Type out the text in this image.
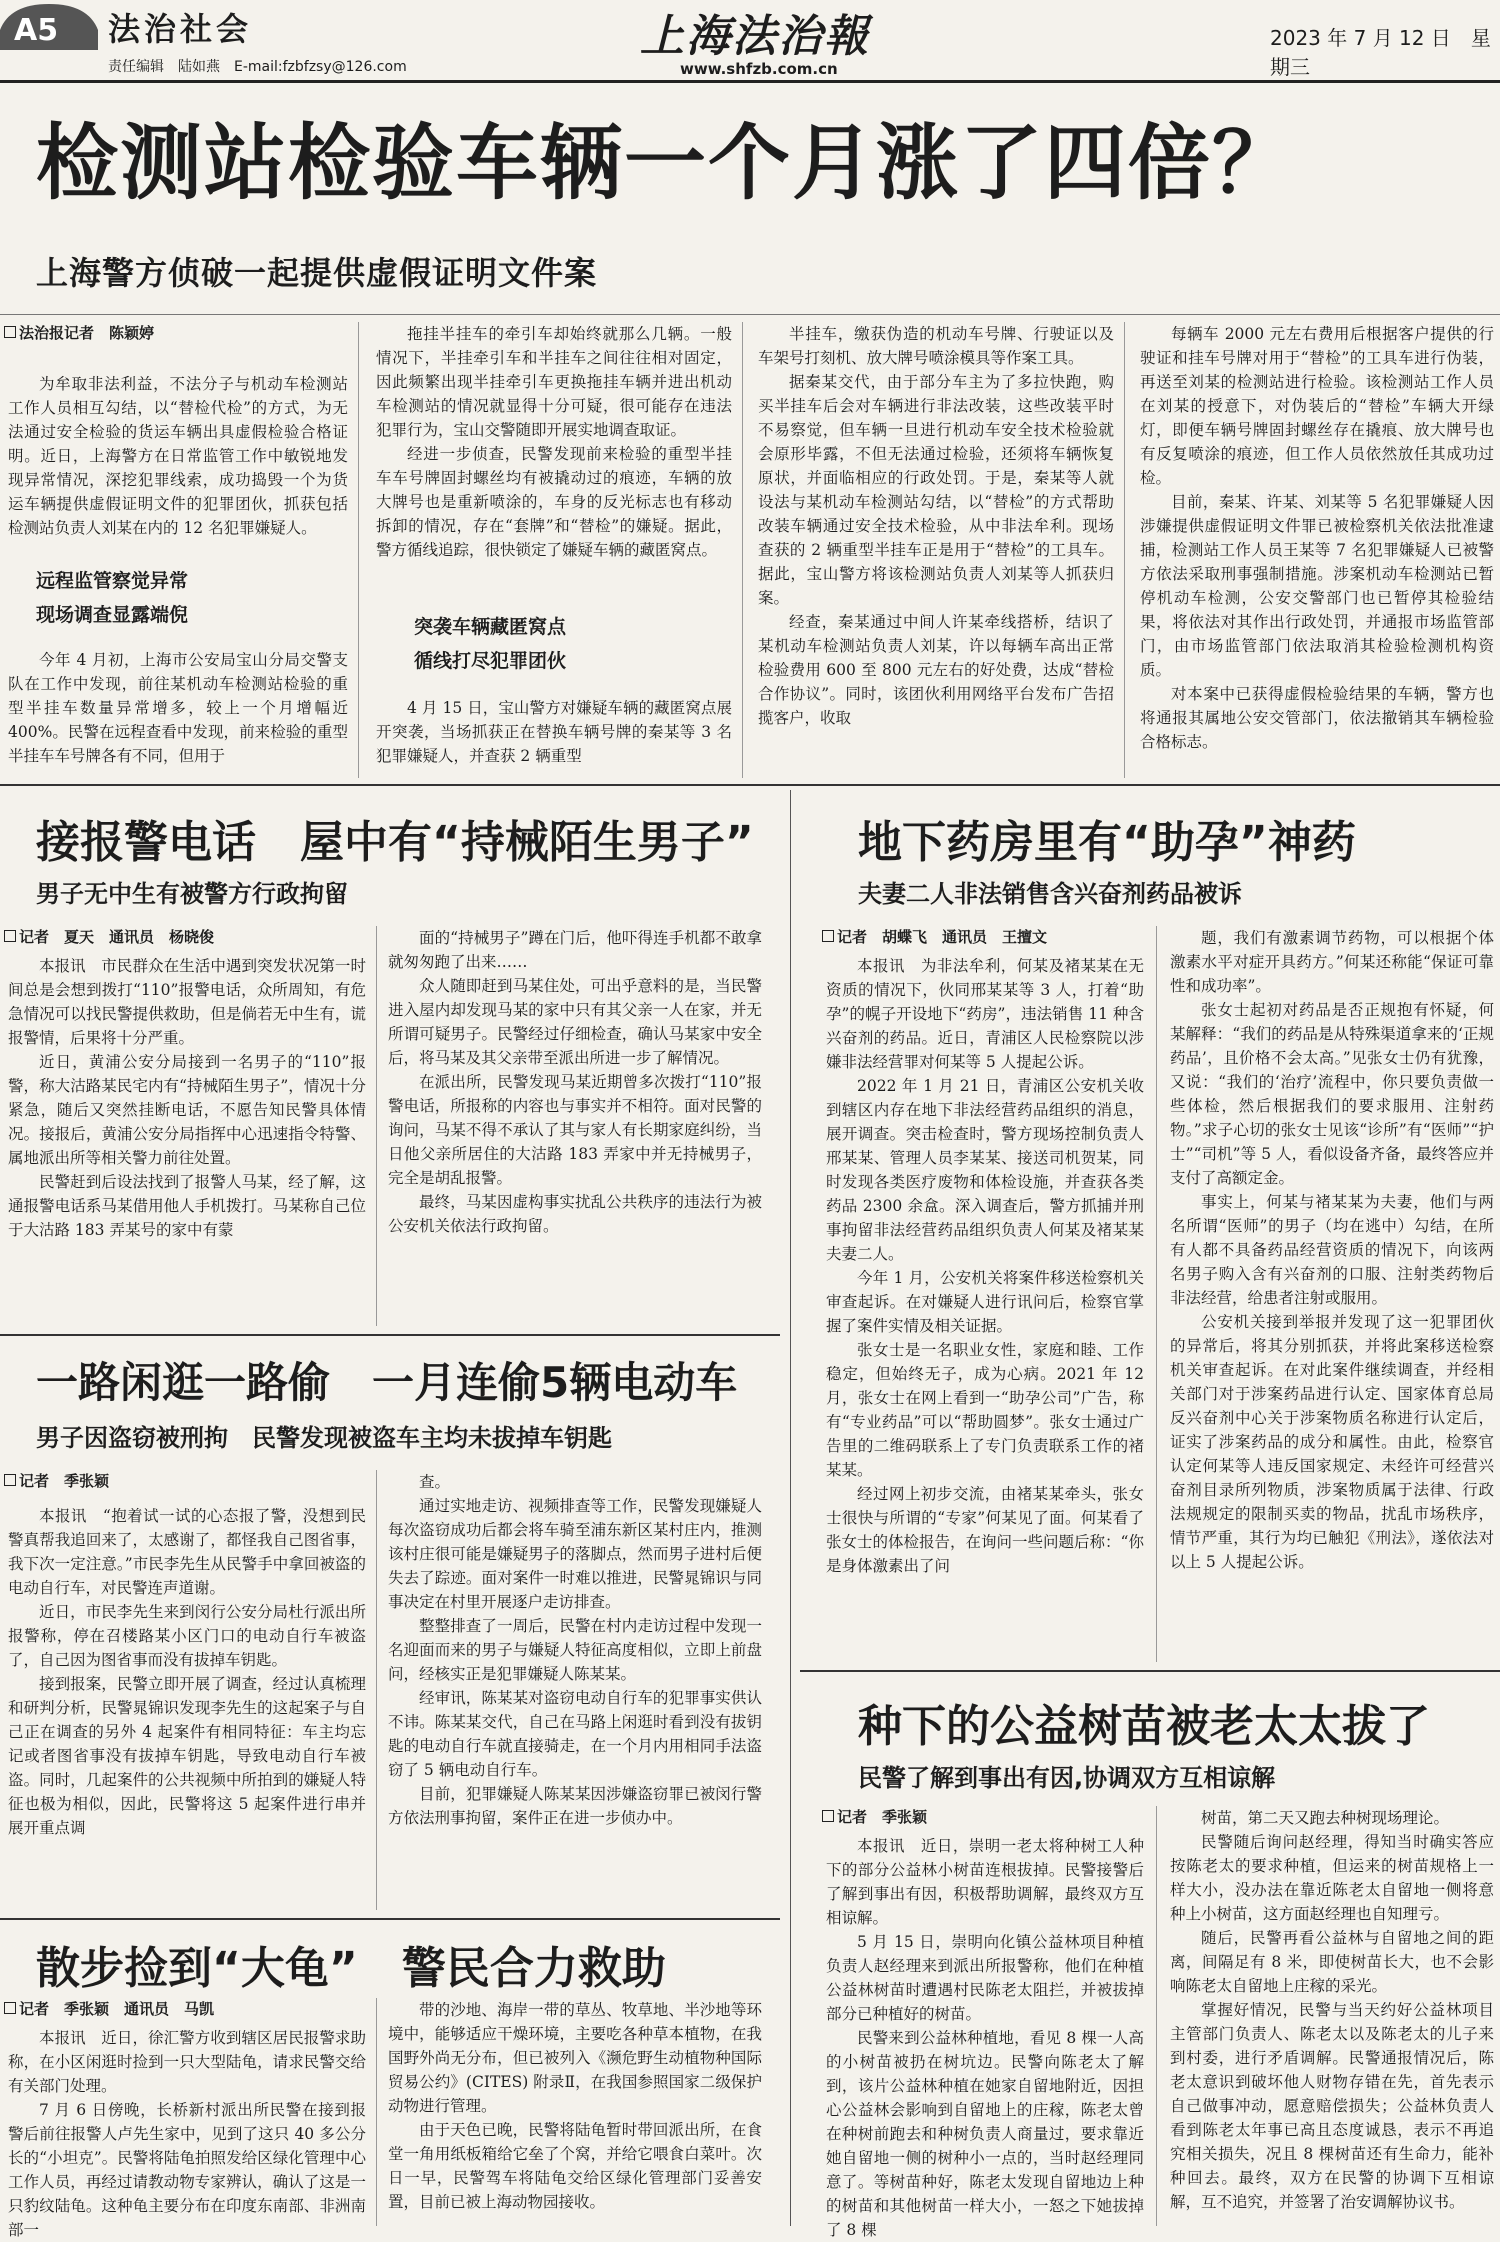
A5 法治社会
责任编辑　陆如燕　E-mail:fzbfzsy@126.com
上海法治報
www.shfzb.com.cn
2023 年 7 月 12 日　星期三
检测站检验车辆一个月涨了四倍？
上海警方侦破一起提供虚假证明文件案
法治报记者　陈颖婷

为牟取非法利益，不法分子与机动车检测站工作人员相互勾结，以“替检代检”的方式，为无法通过安全检验的货运车辆出具虚假检验合格证明。近日，上海警方在日常监管工作中敏锐地发现异常情况，深挖犯罪线索，成功捣毁一个为货运车辆提供虚假证明文件的犯罪团伙，抓获包括检测站负责人刘某在内的 12 名犯罪嫌疑人。

远程监管察觉异常
现场调查显露端倪

今年 4 月初，上海市公安局宝山分局交警支队在工作中发现，前往某机动车检测站检验的重型半挂车数量异常增多，较上一个月增幅近 400%。民警在远程查看中发现，前来检验的重型半挂车车号牌各有不同，但用于

拖挂半挂车的牵引车却始终就那么几辆。一般情况下，半挂牵引车和半挂车之间往往相对固定，因此频繁出现半挂牵引车更换拖挂车辆并进出机动车检测站的情况就显得十分可疑，很可能存在违法犯罪行为，宝山交警随即开展实地调查取证。

经进一步侦查，民警发现前来检验的重型半挂车车号牌固封螺丝均有被撬动过的痕迹，车辆的放大牌号也是重新喷涂的，车身的反光标志也有移动拆卸的情况，存在“套牌”和“替检”的嫌疑。据此，警方循线追踪，很快锁定了嫌疑车辆的藏匿窝点。

突袭车辆藏匿窝点
循线打尽犯罪团伙

4 月 15 日，宝山警方对嫌疑车辆的藏匿窝点展开突袭，当场抓获正在替换车辆号牌的秦某等 3 名犯罪嫌疑人，并查获 2 辆重型

半挂车，缴获伪造的机动车号牌、行驶证以及车架号打刻机、放大牌号喷涂模具等作案工具。

据秦某交代，由于部分车主为了多拉快跑，购买半挂车后会对车辆进行非法改装，这些改装平时不易察觉，但车辆一旦进行机动车安全技术检验就会原形毕露，不但无法通过检验，还须将车辆恢复原状，并面临相应的行政处罚。于是，秦某等人就设法与某机动车检测站勾结，以“替检”的方式帮助改装车辆通过安全技术检验，从中非法牟利。现场查获的 2 辆重型半挂车正是用于“替检”的工具车。据此，宝山警方将该检测站负责人刘某等人抓获归案。

经查，秦某通过中间人许某牵线搭桥，结识了某机动车检测站负责人刘某，许以每辆车高出正常检验费用 600 至 800 元左右的好处费，达成“替检合作协议”。同时，该团伙利用网络平台发布广告招揽客户，收取

每辆车 2000 元左右费用后根据客户提供的行驶证和挂车号牌对用于“替检”的工具车进行伪装，再送至刘某的检测站进行检验。该检测站工作人员在刘某的授意下，对伪装后的“替检”车辆大开绿灯，即便车辆号牌固封螺丝存在撬痕、放大牌号也有反复喷涂的痕迹，但工作人员依然放任其成功过检。

目前，秦某、许某、刘某等 5 名犯罪嫌疑人因涉嫌提供虚假证明文件罪已被检察机关依法批准逮捕，检测站工作人员王某等 7 名犯罪嫌疑人已被警方依法采取刑事强制措施。涉案机动车检测站已暂停机动车检测，公安交警部门也已暂停其检验结果，将依法对其作出行政处罚，并通报市场监管部门，由市场监管部门依法取消其检验检测机构资质。

对本案中已获得虚假检验结果的车辆，警方也将通报其属地公安交管部门，依法撤销其车辆检验合格标志。

接报警电话　屋中有“持械陌生男子”
男子无中生有被警方行政拘留
记者　夏天　通讯员　杨晓俊

本报讯　市民群众在生活中遇到突发状况第一时间总是会想到拨打“110”报警电话，众所周知，有危急情况可以找民警提供救助，但是倘若无中生有，谎报警情，后果将十分严重。

近日，黄浦公安分局接到一名男子的“110”报警，称大沽路某民宅内有“持械陌生男子”，情况十分紧急，随后又突然挂断电话，不愿告知民警具体情况。接报后，黄浦公安分局指挥中心迅速指令特警、属地派出所等相关警力前往处置。

民警赶到后设法找到了报警人马某，经了解，这通报警电话系马某借用他人手机拨打。马某称自己位于大沽路 183 弄某号的家中有蒙

面的“持械男子”蹲在门后，他吓得连手机都不敢拿就匆匆跑了出来……

众人随即赶到马某住处，可出乎意料的是，当民警进入屋内却发现马某的家中只有其父亲一人在家，并无所谓可疑男子。民警经过仔细检查，确认马某家中安全后，将马某及其父亲带至派出所进一步了解情况。

在派出所，民警发现马某近期曾多次拨打“110”报警电话，所报称的内容也与事实并不相符。面对民警的询问，马某不得不承认了其与家人有长期家庭纠纷，当日他父亲所居住的大沽路 183 弄家中并无持械男子，完全是胡乱报警。

最终，马某因虚构事实扰乱公共秩序的违法行为被公安机关依法行政拘留。

一路闲逛一路偷　一月连偷5辆电动车
男子因盗窃被刑拘　民警发现被盗车主均未拔掉车钥匙
记者　季张颖

本报讯　“抱着试一试的心态报了警，没想到民警真帮我追回来了，太感谢了，都怪我自己图省事，我下次一定注意。”市民李先生从民警手中拿回被盗的电动自行车，对民警连声道谢。

近日，市民李先生来到闵行公安分局杜行派出所报警称，停在召楼路某小区门口的电动自行车被盗了，自己因为图省事而没有拔掉车钥匙。

接到报案，民警立即开展了调查，经过认真梳理和研判分析，民警晁锦识发现李先生的这起案子与自己正在调查的另外 4 起案件有相同特征：车主均忘记或者图省事没有拔掉车钥匙，导致电动自行车被盗。同时，几起案件的公共视频中所拍到的嫌疑人特征也极为相似，因此，民警将这 5 起案件进行串并展开重点调

查。

通过实地走访、视频排查等工作，民警发现嫌疑人每次盗窃成功后都会将车骑至浦东新区某村庄内，推测该村庄很可能是嫌疑男子的落脚点，然而男子进村后便失去了踪迹。面对案件一时难以推进，民警晁锦识与同事决定在村里开展逐户走访排查。

整整排查了一周后，民警在村内走访过程中发现一名迎面而来的男子与嫌疑人特征高度相似，立即上前盘问，经核实正是犯罪嫌疑人陈某某。

经审讯，陈某某对盗窃电动自行车的犯罪事实供认不讳。陈某某交代，自己在马路上闲逛时看到没有拔钥匙的电动自行车就直接骑走，在一个月内用相同手法盗窃了 5 辆电动自行车。

目前，犯罪嫌疑人陈某某因涉嫌盗窃罪已被闵行警方依法刑事拘留，案件正在进一步侦办中。

散步捡到“大龟”　警民合力救助
记者　季张颖　通讯员　马凯

本报讯　近日，徐汇警方收到辖区居民报警求助称，在小区闲逛时捡到一只大型陆龟，请求民警交给有关部门处理。

7 月 6 日傍晚，长桥新村派出所民警在接到报警后前往报警人卢先生家中，见到了这只 40 多公分长的“小坦克”。民警将陆龟拍照发给区绿化管理中心工作人员，再经过请教动物专家辨认，确认了这是一只豹纹陆龟。这种龟主要分布在印度东南部、非洲南部一

带的沙地、海岸一带的草丛、牧草地、半沙地等环境中，能够适应干燥环境，主要吃各种草本植物，在我国野外尚无分布，但已被列入《濒危野生动植物种国际贸易公约》(CITES) 附录Ⅱ，在我国参照国家二级保护动物进行管理。

由于天色已晚，民警将陆龟暂时带回派出所，在食堂一角用纸板箱给它垒了个窝，并给它喂食白菜叶。次日一早，民警驾车将陆龟交给区绿化管理部门妥善安置，目前已被上海动物园接收。

地下药房里有“助孕”神药
夫妻二人非法销售含兴奋剂药品被诉
记者　胡蝶飞　通讯员　王擅文

本报讯　为非法牟利，何某及褚某某在无资质的情况下，伙同邢某某等 3 人，打着“助孕”的幌子开设地下“药房”，违法销售 11 种含兴奋剂的药品。近日，青浦区人民检察院以涉嫌非法经营罪对何某等 5 人提起公诉。

2022 年 1 月 21 日，青浦区公安机关收到辖区内存在地下非法经营药品组织的消息，展开调查。突击检查时，警方现场控制负责人邢某某、管理人员李某某、接送司机贺某，同时发现各类医疗废物和体检设施，并查获各类药品 2300 余盒。深入调查后，警方抓捕并刑事拘留非法经营药品组织负责人何某及褚某某夫妻二人。

今年 1 月，公安机关将案件移送检察机关审查起诉。在对嫌疑人进行讯问后，检察官掌握了案件实情及相关证据。

张女士是一名职业女性，家庭和睦、工作稳定，但始终无子，成为心病。2021 年 12 月，张女士在网上看到一“助孕公司”广告，称有“专业药品”可以“帮助圆梦”。张女士通过广告里的二维码联系上了专门负责联系工作的褚某某。

经过网上初步交流，由褚某某牵头，张女士很快与所谓的“专家”何某见了面。何某看了张女士的体检报告，在询问一些问题后称：“你是身体激素出了问

题，我们有激素调节药物，可以根据个体激素水平对症开具药方。”何某还称能“保证可靠性和成功率”。

张女士起初对药品是否正规抱有怀疑，何某解释：“我们的药品是从特殊渠道拿来的‘正规药品’，且价格不会太高。”见张女士仍有犹豫，又说：“我们的‘治疗’流程中，你只要负责做一些体检，然后根据我们的要求服用、注射药物。”求子心切的张女士见该“诊所”有“医师”“护士”“司机”等 5 人，看似设备齐备，最终答应并支付了高额定金。

事实上，何某与褚某某为夫妻，他们与两名所谓“医师”的男子（均在逃中）勾结，在所有人都不具备药品经营资质的情况下，向该两名男子购入含有兴奋剂的口服、注射类药物后非法经营，给患者注射或服用。

公安机关接到举报并发现了这一犯罪团伙的异常后，将其分别抓获，并将此案移送检察机关审查起诉。在对此案件继续调查，并经相关部门对于涉案药品进行认定、国家体育总局反兴奋剂中心关于涉案物质名称进行认定后，证实了涉案药品的成分和属性。由此，检察官认定何某等人违反国家规定、未经许可经营兴奋剂目录所列物质，涉案物质属于法律、行政法规规定的限制买卖的物品，扰乱市场秩序，情节严重，其行为均已触犯《刑法》，遂依法对以上 5 人提起公诉。

种下的公益树苗被老太太拔了
民警了解到事出有因,协调双方互相谅解
记者　季张颖

本报讯　近日，崇明一老太将种树工人种下的部分公益林小树苗连根拔掉。民警接警后了解到事出有因，积极帮助调解，最终双方互相谅解。

5 月 15 日，崇明向化镇公益林项目种植负责人赵经理来到派出所报警称，他们在种植公益林树苗时遭遇村民陈老太阻拦，并被拔掉部分已种植好的树苗。

民警来到公益林种植地，看见 8 棵一人高的小树苗被扔在树坑边。民警向陈老太了解到，该片公益林种植在她家自留地附近，因担心公益林会影响到自留地上的庄稼，陈老太曾在种树前跑去和种树负责人商量过，要求靠近她自留地一侧的树种小一点的，当时赵经理同意了。等树苗种好，陈老太发现自留地边上种的树苗和其他树苗一样大小，一怒之下她拔掉了 8 棵

树苗，第二天又跑去种树现场理论。

民警随后询问赵经理，得知当时确实答应按陈老太的要求种植，但运来的树苗规格上一样大小，没办法在靠近陈老太自留地一侧将意种上小树苗，这方面赵经理也自知理亏。

随后，民警再看公益林与自留地之间的距离，间隔足有 8 米，即使树苗长大，也不会影响陈老太自留地上庄稼的采光。

掌握好情况，民警与当天约好公益林项目主管部门负责人、陈老太以及陈老太的儿子来到村委，进行矛盾调解。民警通报情况后，陈老太意识到破坏他人财物存错在先，首先表示自己做事冲动，愿意赔偿损失；公益林负责人看到陈老太年事已高且态度诚恳，表示不再追究相关损失，况且 8 棵树苗还有生命力，能补种回去。最终，双方在民警的协调下互相谅解，互不追究，并签署了治安调解协议书。
